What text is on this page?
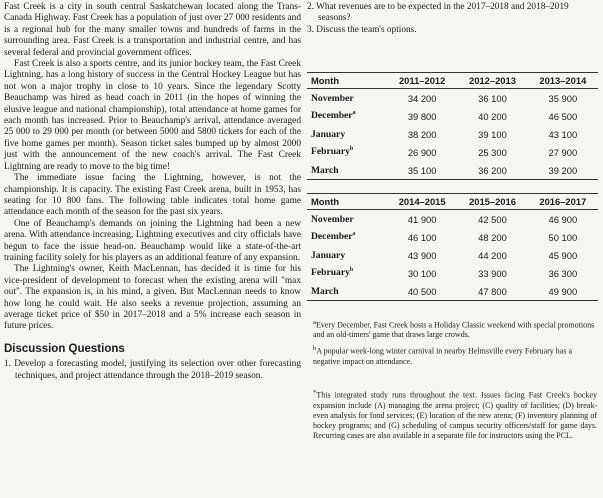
Fast Creek is a city in south central Saskatchewan located along the Trans-Canada Highway. Fast Creek has a population of just over 27 000 residents and is a regional hub for the many smaller towns and hundreds of farms in the surrounding area. Fast Creek is a transportation and industrial centre, and has several federal and provincial government offices.

Fast Creek is also a sports centre, and its junior hockey team, the Fast Creek Lightning, has a long history of success in the Central Hockey League but has not won a major trophy in close to 10 years. Since the legendary Scotty Beauchamp was hired as head coach in 2011 (in the hopes of winning the elusive league and national championship), total attendance at home games for each month has increased. Prior to Beauchamp's arrival, attendance averaged 25 000 to 29 000 per month (or between 5000 and 5800 tickets for each of the five home games per month). Season ticket sales bumped up by almost 2000 just with the announcement of the new coach's arrival. The Fast Creek Lightning are ready to move to the big time!

The immediate issue facing the Lightning, however, is not the championship. It is capacity. The existing Fast Creek arena, built in 1953, has seating for 10 800 fans. The following table indicates total home game attendance each month of the season for the past six years.

One of Beauchamp's demands on joining the Lightning had been a new arena. With attendance increasing, Lightning executives and city officials have begun to face the issue head-on. Beauchamp would like a state-of-the-art training facility solely for his players as an additional feature of any expansion.

The Lightning's owner, Keith MacLennan, has decided it is time for his vice-president of development to forecast when the existing arena will "max out". The expansion is, in his mind, a given. But MacLennan needs to know how long he could wait. He also seeks a revenue projection, assuming an average ticket price of $50 in 2017–2018 and a 5% increase each season in future prices.

Discussion Questions

1. Develop a forecasting model, justifying its selection over other forecasting techniques, and project attendance through the 2018–2019 season.

2. What revenues are to be expected in the 2017–2018 and 2018–2019 seasons?

3. Discuss the team's options.

Month	2011–2012	2012–2013	2013–2014
November	34 200	36 100	35 900
December$^a$	39 800	40 200	46 500
January	38 200	39 100	43 100
February$^b$	26 900	25 300	27 900
March	35 100	36 200	39 200
Month	2014–2015	2015–2016	2016–2017
November	41 900	42 500	46 900
December$^a$	46 100	48 200	50 100
January	43 900	44 200	45 900
February$^b$	30 100	33 900	36 300
March	40 500	47 800	49 900

$^a$Every December, Fast Creek hosts a Holiday Classic weekend with special promotions and an old-timers' game that draws large crowds.

$^b$A popular week-long winter carnival in nearby Helmsville every February has a negative impact on attendance.

*This integrated study runs throughout the text. Issues facing Fast Creek's hockey expansion include (A) managing the arena project; (C) quality of facilities; (D) break-even analysis for food services; (E) location of the new arena; (F) inventory planning of hockey programs; and (G) scheduling of campus security officers/staff for game days. Recurring cases are also available in a separate file for instructors using the PCL.
